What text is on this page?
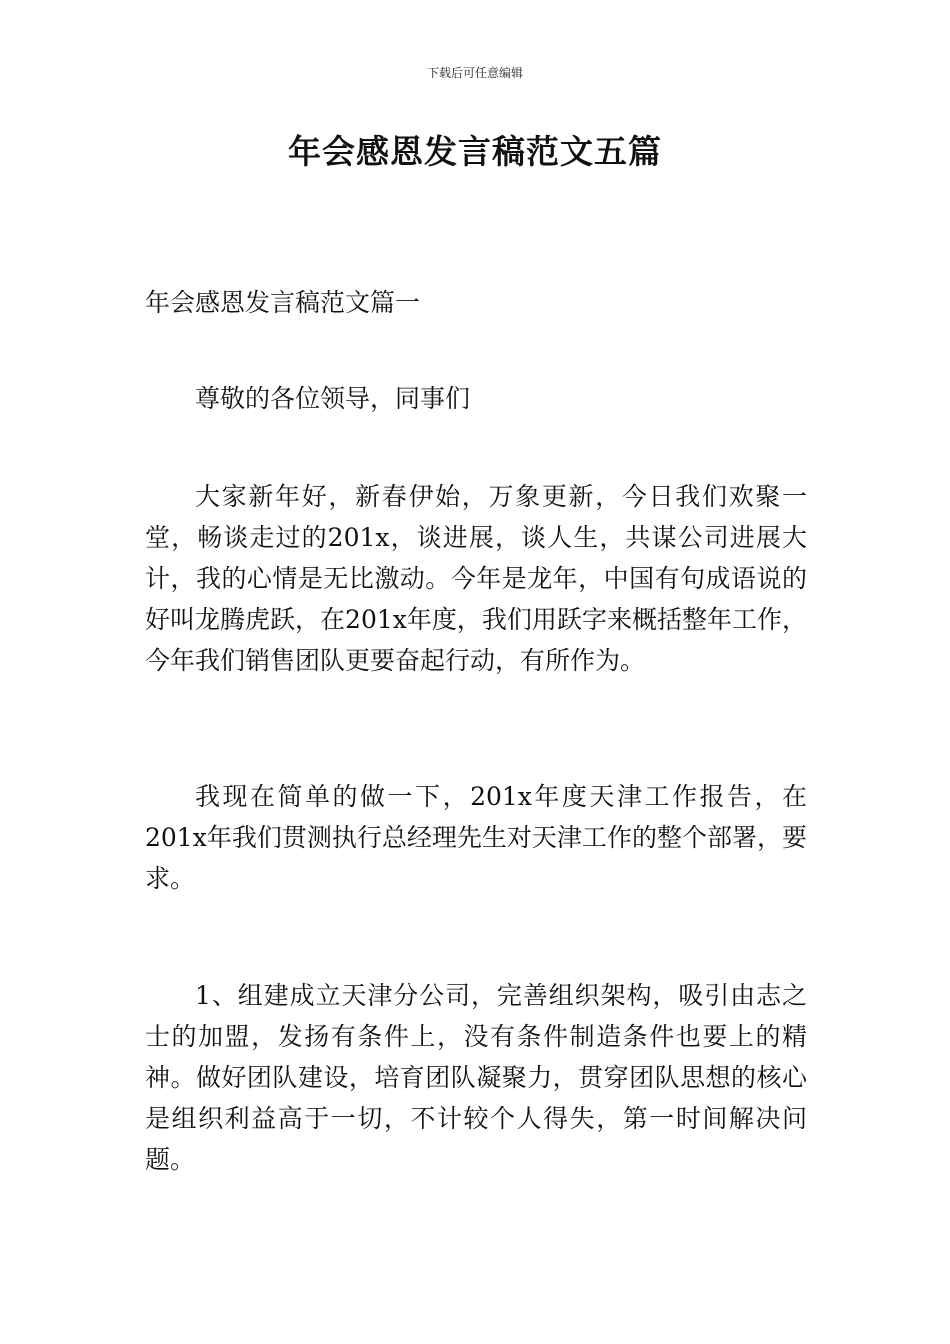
下载后可任意编辑
年会感恩发言稿范文五篇

年会感恩发言稿范文篇一

尊敬的各位领导，同事们

大家新年好，新春伊始，万象更新，今日我们欢聚一堂，畅谈走过的201x，谈进展，谈人生，共谋公司进展大计，我的心情是无比激动。今年是龙年，中国有句成语说的好叫龙腾虎跃，在201x年度，我们用跃字来概括整年工作，今年我们销售团队更要奋起行动，有所作为。

我现在简单的做一下，201x年度天津工作报告，在201x年我们贯测执行总经理先生对天津工作的整个部署，要求。

1、组建成立天津分公司，完善组织架构，吸引由志之士的加盟，发扬有条件上，没有条件制造条件也要上的精神。做好团队建设，培育团队凝聚力，贯穿团队思想的核心是组织利益高于一切，不计较个人得失，第一时间解决问题。
